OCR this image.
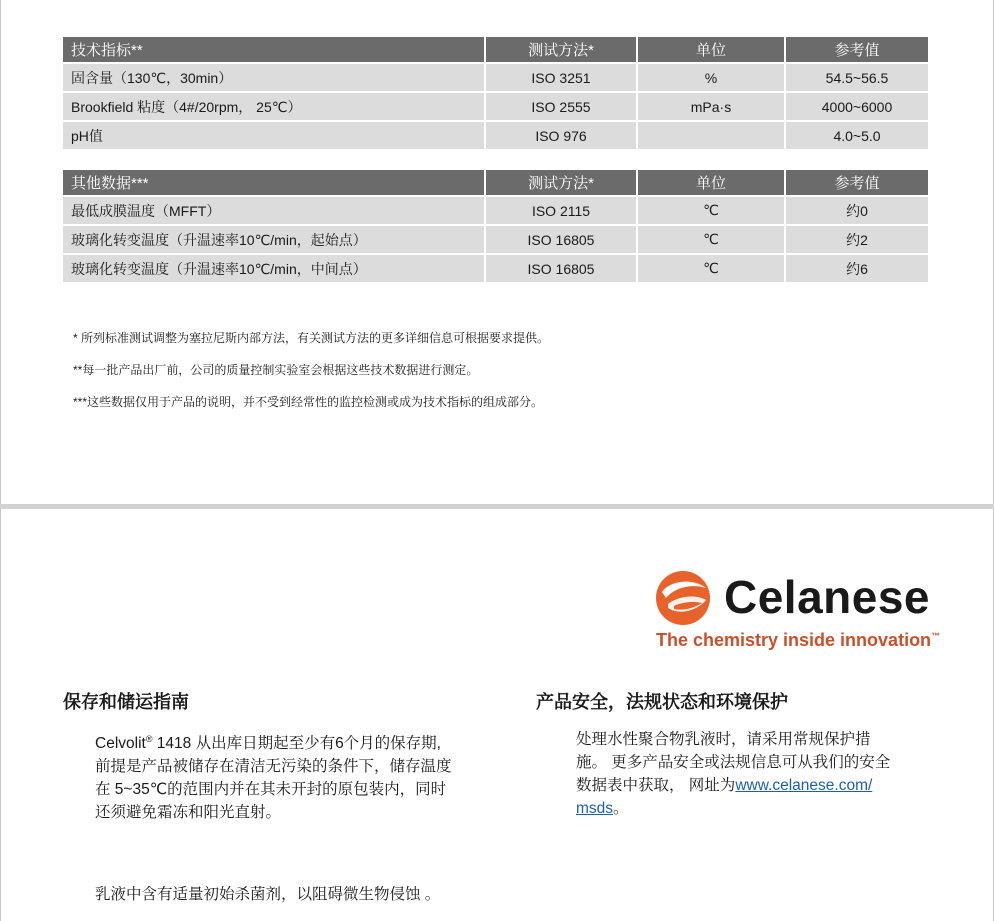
技术指标**	测试方法*	单位	参考值
固含量（130℃，30min）	ISO 3251	%	54.5~56.5
Brookfield 粘度（4#/20rpm， 25℃）	ISO 2555	mPa·s	4000~6000
pH值	ISO 976		4.0~5.0
其他数据***	测试方法*	单位	参考值
最低成膜温度（MFFT）	ISO 2115	℃	约0
玻璃化转变温度（升温速率10℃/min，起始点）	ISO 16805	℃	约2
玻璃化转变温度（升温速率10℃/min，中间点）	ISO 16805	℃	约6
* 所列标准测试调整为塞拉尼斯内部方法，有关测试方法的更多详细信息可根据要求提供。
**每一批产品出厂前，公司的质量控制实验室会根据这些技术数据进行测定。
***这些数据仅用于产品的说明，并不受到经常性的监控检测或成为技术指标的组成部分。
Celanese
The chemistry inside innovation™
保存和储运指南
Celvolit® 1418 从出库日期起至少有6个月的保存期,
前提是产品被储存在清洁无污染的条件下，储存温度
在 5~35℃的范围内并在其未开封的原包装内，同时
还须避免霜冻和阳光直射。
乳液中含有适量初始杀菌剂，以阻碍微生物侵蚀 。
产品安全，法规状态和环境保护
处理水性聚合物乳液时，请采用常规保护措
施。 更多产品安全或法规信息可从我们的安全
数据表中获取， 网址为www.celanese.com/
msds。
